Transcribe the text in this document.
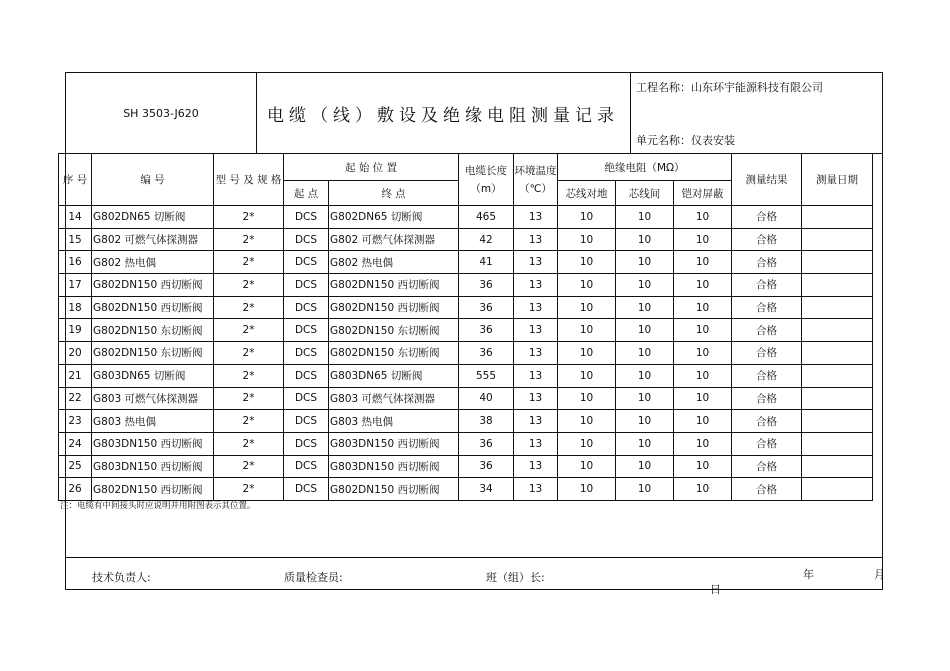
SH 3503-J620	电缆（线）敷设及绝缘电阻测量记录
工程名称：山东环宇能源科技有限公司
单元名称：仪表安装
序 号	编 号	型 号 及 规 格	起 始 位 置		电缆长度（m）	环境温度（℃）	绝缘电阻（MΩ）			测量结果	测量日期
			起 点	终 点			芯线对地	芯线间	铠对屏蔽		
14	G802DN65 切断阀	2*	DCS	G802DN65 切断阀	465	13	10	10	10	合格	
15	G802 可燃气体探测器	2*	DCS	G802 可燃气体探测器	42	13	10	10	10	合格	
16	G802 热电偶	2*	DCS	G802 热电偶	41	13	10	10	10	合格	
17	G802DN150 西切断阀	2*	DCS	G802DN150 西切断阀	36	13	10	10	10	合格	
18	G802DN150 西切断阀	2*	DCS	G802DN150 西切断阀	36	13	10	10	10	合格	
19	G802DN150 东切断阀	2*	DCS	G802DN150 东切断阀	36	13	10	10	10	合格	
20	G802DN150 东切断阀	2*	DCS	G802DN150 东切断阀	36	13	10	10	10	合格	
21	G803DN65 切断阀	2*	DCS	G803DN65 切断阀	555	13	10	10	10	合格	
22	G803 可燃气体探测器	2*	DCS	G803 可燃气体探测器	40	13	10	10	10	合格	
23	G803 热电偶	2*	DCS	G803 热电偶	38	13	10	10	10	合格	
24	G803DN150 西切断阀	2*	DCS	G803DN150 西切断阀	36	13	10	10	10	合格	
25	G803DN150 西切断阀	2*	DCS	G803DN150 西切断阀	36	13	10	10	10	合格	
26	G802DN150 西切断阀	2*	DCS	G802DN150 西切断阀	34	13	10	10	10	合格	
注：电缆有中间接头时应说明并用附图表示其位置。
技术负责人:	质量检查员:	班（组）长:	年	月
日
